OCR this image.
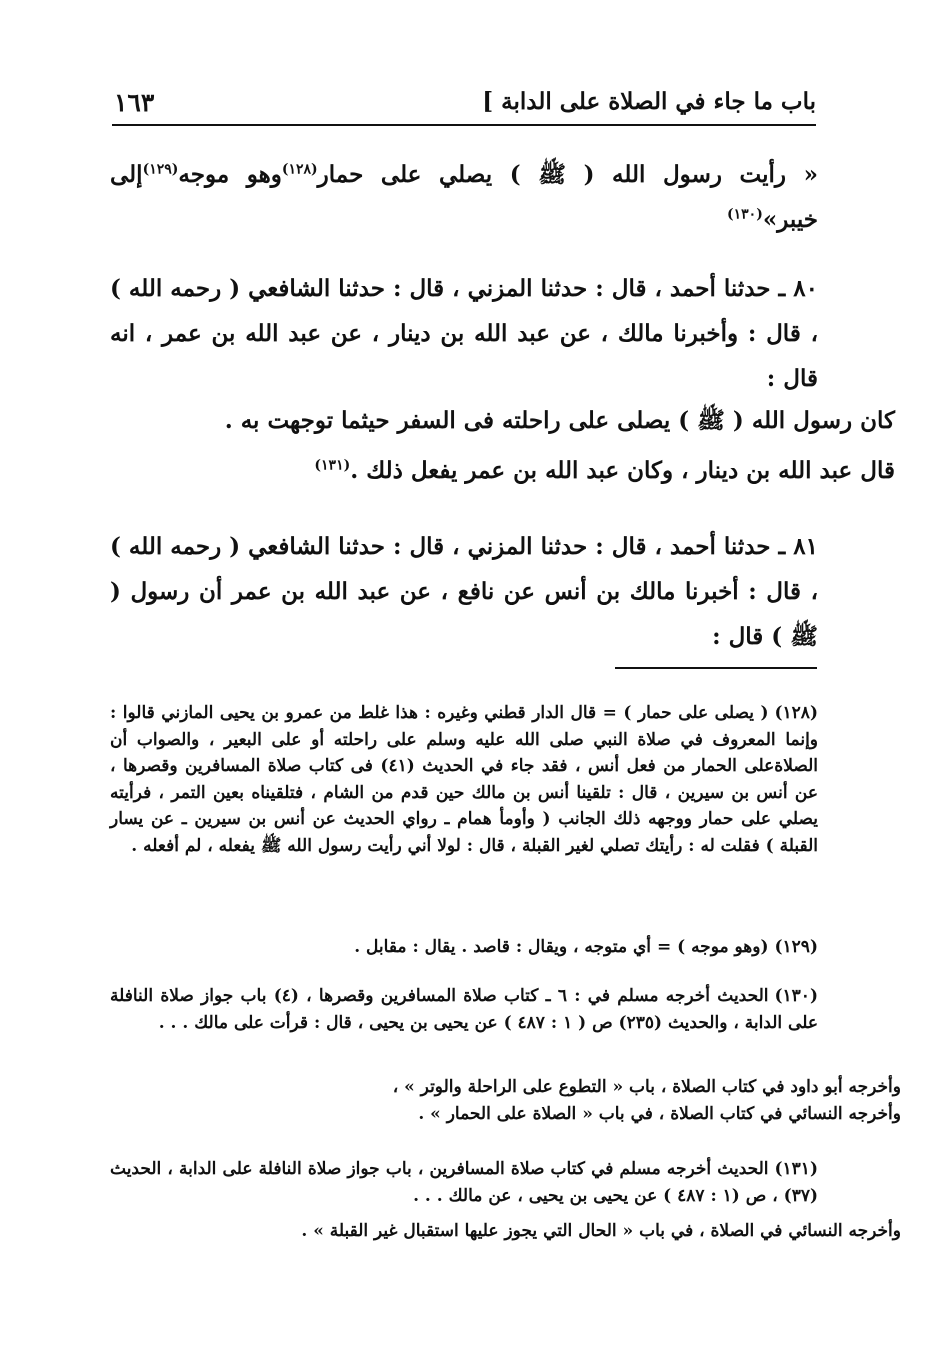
باب ما جاء في الصلاة على الدابة ]
١٦٣

« رأيت رسول الله ( ﷺ ) يصلي على حمار$^{(١٢٨)}$وهو موجه$^{(١٢٩)}$إلى خيبر»$^{(١٣٠)}$

٨٠ ـ حدثنا أحمد ، قال : حدثنا المزني ، قال : حدثنا الشافعي ( رحمه الله ) ، قال : وأخبرنا مالك ، عن عبد الله بن دينار ، عن عبد الله بن عمر ، انه قال :

كان رسول الله ( ﷺ ) يصلى على راحلته فى السفر حيثما توجهت به .
قال عبد الله بن دينار ، وكان عبد الله بن عمر يفعل ذلك .$^{(١٣١)}$

٨١ ـ حدثنا أحمد ، قال : حدثنا المزني ، قال : حدثنا الشافعي ( رحمه الله ) ، قال : أخبرنا مالك بن أنس عن نافع ، عن عبد الله بن عمر أن رسول ( ﷺ ) قال :

(١٢٨)( يصلى على حمار ) = قال الدار قطني وغيره : هذا غلط من عمرو بن يحيى المازني قالوا : وإنما المعروف في صلاة النبي صلى الله عليه وسلم على راحلته أو على البعير ، والصواب أن الصلاةعلى الحمار من فعل أنس ، فقد جاء في الحديث (٤١) فى كتاب صلاة المسافرين وقصرها ، عن أنس بن سيرين ، قال : تلقينا أنس بن مالك حين قدم من الشام ، فتلقيناه بعين التمر ، فرأيته يصلي على حمار ووجهه ذلك الجانب ( وأومأ همام ـ رواي الحديث عن أنس بن سيرين ـ عن يسار القبلة ) فقلت له : رأيتك تصلي لغير القبلة ، قال : لولا أني رأيت رسول الله ﷺ يفعله ، لم أفعله .

(١٢٩)(وهو موجه ) = أي متوجه ، ويقال : قاصد . يقال : مقابل .

(١٣٠)الحديث أخرجه مسلم في : ٦ ـ كتاب صلاة المسافرين وقصرها ، (٤) باب جواز صلاة النافلة على الدابة ، والحديث (٢٣٥) ص ( ١ : ٤٨٧ ) عن يحيى بن يحيى ، قال : قرأت على مالك . . .

وأخرجه أبو داود في كتاب الصلاة ، باب « التطوع على الراحلة والوتر » ،

وأخرجه النسائي في كتاب الصلاة ، في باب « الصلاة على الحمار » .

(١٣١)الحديث أخرجه مسلم في كتاب صلاة المسافرين ، باب جواز صلاة النافلة على الدابة ، الحديث (٣٧) ، ص (١ : ٤٨٧ ) عن يحيى بن يحيى ، عن مالك . . .

وأخرجه النسائي في الصلاة ، في باب « الحال التي يجوز عليها استقبال غير القبلة » .
